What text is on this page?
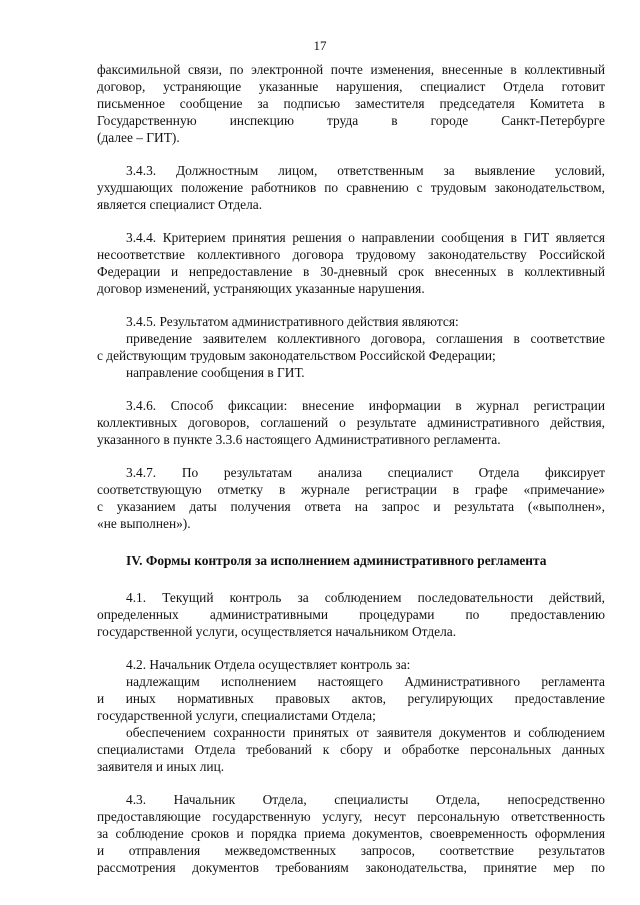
17
факсимильной связи, по электронной почте изменения, внесенные в коллективный
договор, устраняющие указанные нарушения, специалист Отдела готовит
письменное сообщение за подписью заместителя председателя Комитета в
Государственную инспекцию труда в городе Санкт-Петербурге
(далее – ГИТ).
3.4.3. Должностным лицом, ответственным за выявление условий,
ухудшающих положение работников по сравнению с трудовым законодательством,
является специалист Отдела.
3.4.4. Критерием принятия решения о направлении сообщения в ГИТ является
несоответствие коллективного договора трудовому законодательству Российской
Федерации и непредоставление в 30-дневный срок внесенных в коллективный
договор изменений, устраняющих указанные нарушения.
3.4.5. Результатом административного действия являются:
приведение заявителем коллективного договора, соглашения в соответствие
с действующим трудовым законодательством Российской Федерации;
направление сообщения в ГИТ.
3.4.6. Способ фиксации: внесение информации в журнал регистрации
коллективных договоров, соглашений о результате административного действия,
указанного в пункте 3.3.6 настоящего Административного регламента.
3.4.7. По результатам анализа специалист Отдела фиксирует
соответствующую отметку в журнале регистрации в графе «примечание»
с указанием даты получения ответа на запрос и результата («выполнен»,
«не выполнен»).
IV. Формы контроля за исполнением административного регламента
4.1. Текущий контроль за соблюдением последовательности действий,
определенных административными процедурами по предоставлению
государственной услуги, осуществляется начальником Отдела.
4.2. Начальник Отдела осуществляет контроль за:
надлежащим исполнением настоящего Административного регламента
и иных нормативных правовых актов, регулирующих предоставление
государственной услуги, специалистами Отдела;
обеспечением сохранности принятых от заявителя документов и соблюдением
специалистами Отдела требований к сбору и обработке персональных данных
заявителя и иных лиц.
4.3. Начальник Отдела, специалисты Отдела, непосредственно
предоставляющие государственную услугу, несут персональную ответственность
за соблюдение сроков и порядка приема документов, своевременность оформления
и отправления межведомственных запросов, соответствие результатов
рассмотрения документов требованиям законодательства, принятие мер по
